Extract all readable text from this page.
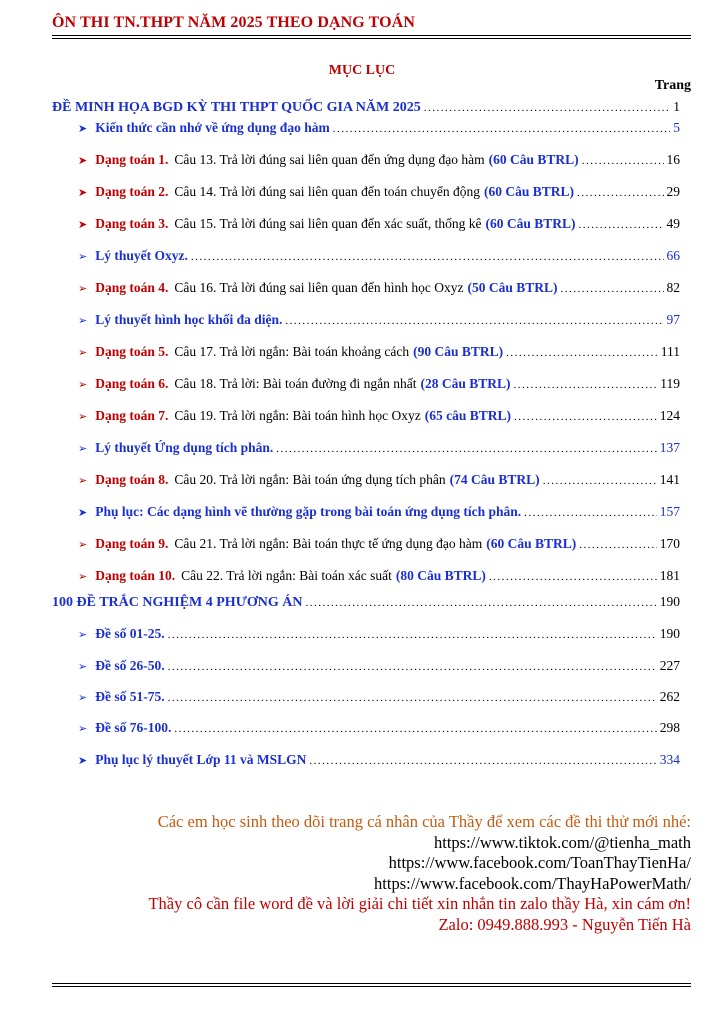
ÔN THI TN.THPT NĂM 2025 THEO DẠNG TOÁN
MỤC LỤC
Trang
ĐỀ MINH HỌA BGD KỲ THI THPT QUỐC GIA NĂM 2025 .....	1
➤ Kiến thức cần nhớ về ứng dụng đạo hàm .....	5
➤ Dạng toán 1. Câu 13. Trả lời đúng sai liên quan đến ứng dụng đạo hàm (60 Câu BTRL) .....	16
➤ Dạng toán 2. Câu 14. Trả lời đúng sai liên quan đến toán chuyển động (60 Câu BTRL) .....	29
➤ Dạng toán 3. Câu 15. Trả lời đúng sai liên quan đến xác suất, thống kê (60 Câu BTRL) .....	49
➢ Lý thuyết Oxyz. .....	66
➢ Dạng toán 4. Câu 16. Trả lời đúng sai liên quan đến hình học Oxyz (50 Câu BTRL) .....	82
➢ Lý thuyết hình học khối đa diện. .....	97
➢ Dạng toán 5. Câu 17. Trả lời ngắn: Bài toán khoảng cách (90 Câu BTRL) .....	111
➢ Dạng toán 6. Câu 18. Trả lời: Bài toán đường đi ngắn nhất (28 Câu BTRL) .....	119
➢ Dạng toán 7. Câu 19. Trả lời ngắn: Bài toán hình học Oxyz (65 câu BTRL) .....	124
➢ Lý thuyết Ứng dụng tích phân. .....	137
➢ Dạng toán 8. Câu 20. Trả lời ngắn: Bài toán ứng dụng tích phân (74 Câu BTRL) .....	141
➤ Phụ lục: Các dạng hình vẽ thường gặp trong bài toán ứng dụng tích phân. .....	157
➢ Dạng toán 9. Câu 21. Trả lời ngắn: Bài toán thực tế ứng dụng đạo hàm (60 Câu BTRL) .....	170
➢ Dạng toán 10. Câu 22. Trả lời ngắn: Bài toán xác suất (80 Câu BTRL) .....	181
100 ĐỀ TRẮC NGHIỆM 4 PHƯƠNG ÁN .....	190
➢ Đề số 01-25. .....	190
➢ Đề số 26-50. .....	227
➢ Đề số 51-75. .....	262
➢ Đề số 76-100. .....	298
➤ Phụ lục lý thuyết Lớp 11 và MSLGN .....	334
Các em học sinh theo dõi trang cá nhân của Thầy để xem các đề thi thử mới nhé:
https://www.tiktok.com/@tienha_math
https://www.facebook.com/ToanThayTienHa/
https://www.facebook.com/ThayHaPowerMath/
Thầy cô cần file word đề và lời giải chi tiết xin nhắn tin zalo thầy Hà, xin cám ơn!
Zalo: 0949.888.993 - Nguyễn Tiến Hà
